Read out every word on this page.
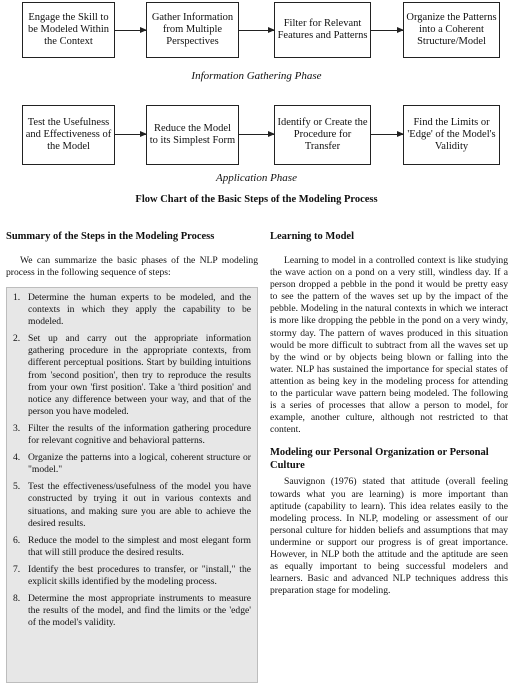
Engage the Skill to be Modeled Within the Context
Gather Information from Multiple Perspectives
Filter for Relevant Features and Patterns
Organize the Patterns into a Coherent Structure/Model
Information Gathering Phase
Test the Usefulness and Effectiveness of the Model
Reduce the Model to its Simplest Form
Identify or Create the Procedure for Transfer
Find the Limits or 'Edge' of the Model's Validity
Application Phase
Flow Chart of the Basic Steps of the Modeling Process
Summary of the Steps in the Modeling Process
We can summarize the basic phases of the NLP modeling process in the following sequence of steps:
1. Determine the human experts to be modeled, and the contexts in which they apply the capability to be modeled.
2. Set up and carry out the appropriate information gathering procedure in the appropriate contexts, from different perceptual positions. Start by building intuitions from 'second position', then try to reproduce the results from your own 'first position'. Take a 'third position' and notice any difference between your way, and that of the person you have modeled.
3. Filter the results of the information gathering procedure for relevant cognitive and behavioral patterns.
4. Organize the patterns into a logical, coherent structure or "model."
5. Test the effectiveness/usefulness of the model you have constructed by trying it out in various contexts and situations, and making sure you are able to achieve the desired results.
6. Reduce the model to the simplest and most elegant form that will still produce the desired results.
7. Identify the best procedures to transfer, or "install," the explicit skills identified by the modeling process.
8. Determine the most appropriate instruments to measure the results of the model, and find the limits or the 'edge' of the model's validity.
Learning to Model
Learning to model in a controlled context is like studying the wave action on a pond on a very still, windless day. If a person dropped a pebble in the pond it would be pretty easy to see the pattern of the waves set up by the impact of the pebble. Modeling in the natural contexts in which we interact is more like dropping the pebble in the pond on a very windy, stormy day. The pattern of waves produced in this situation would be more difficult to subtract from all the waves set up by the wind or by objects being blown or falling into the water. NLP has sustained the importance for special states of attention as being key in the modeling process for attending to the particular wave pattern being modeled. The following is a series of processes that allow a person to model, for example, another culture, although not restricted to that content.
Modeling our Personal Organization or Personal Culture
Sauvignon (1976) stated that attitude (overall feeling towards what you are learning) is more important than aptitude (capability to learn). This idea relates easily to the modeling process. In NLP, modeling or assessment of our personal culture for hidden beliefs and assumptions that may undermine or support our progress is of great importance. However, in NLP both the attitude and the aptitude are seen as equally important to being successful modelers and learners. Basic and advanced NLP techniques address this preparation stage for modeling.
